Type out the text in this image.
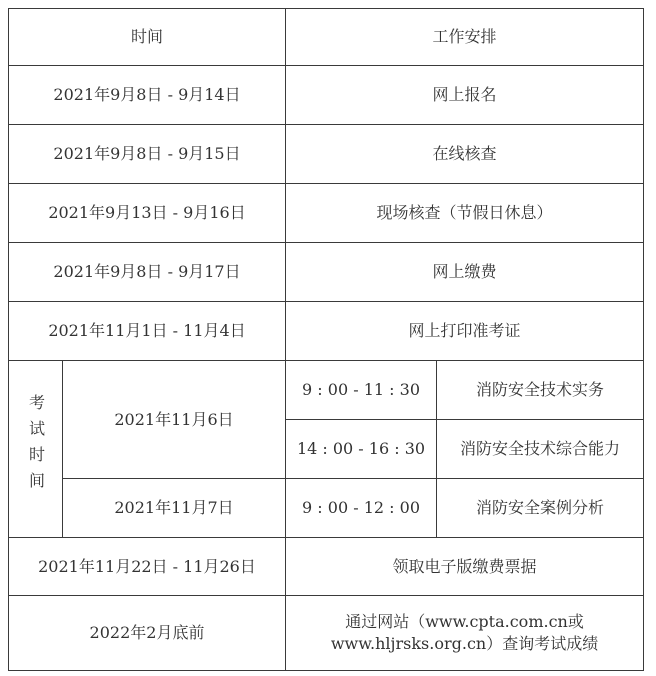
时间		工作安排	
2021年9月8日 - 9月14日		网上报名	
2021年9月8日 - 9月15日		在线核查	
2021年9月13日 - 9月16日		现场核查（节假日休息）	
2021年9月8日 - 9月17日		网上缴费	
2021年11月1日 - 11月4日		网上打印准考证	
考试时间	2021年11月6日	9 : 00 - 11 : 30	消防安全技术实务
		14 : 00 - 16 : 30	消防安全技术综合能力
	2021年11月7日	9 : 00 - 12 : 00	消防安全案例分析
2021年11月22日 - 11月26日		领取电子版缴费票据	
2022年2月底前		通过网站（www.cpta.com.cn或
www.hljrsks.org.cn）查询考试成绩	
